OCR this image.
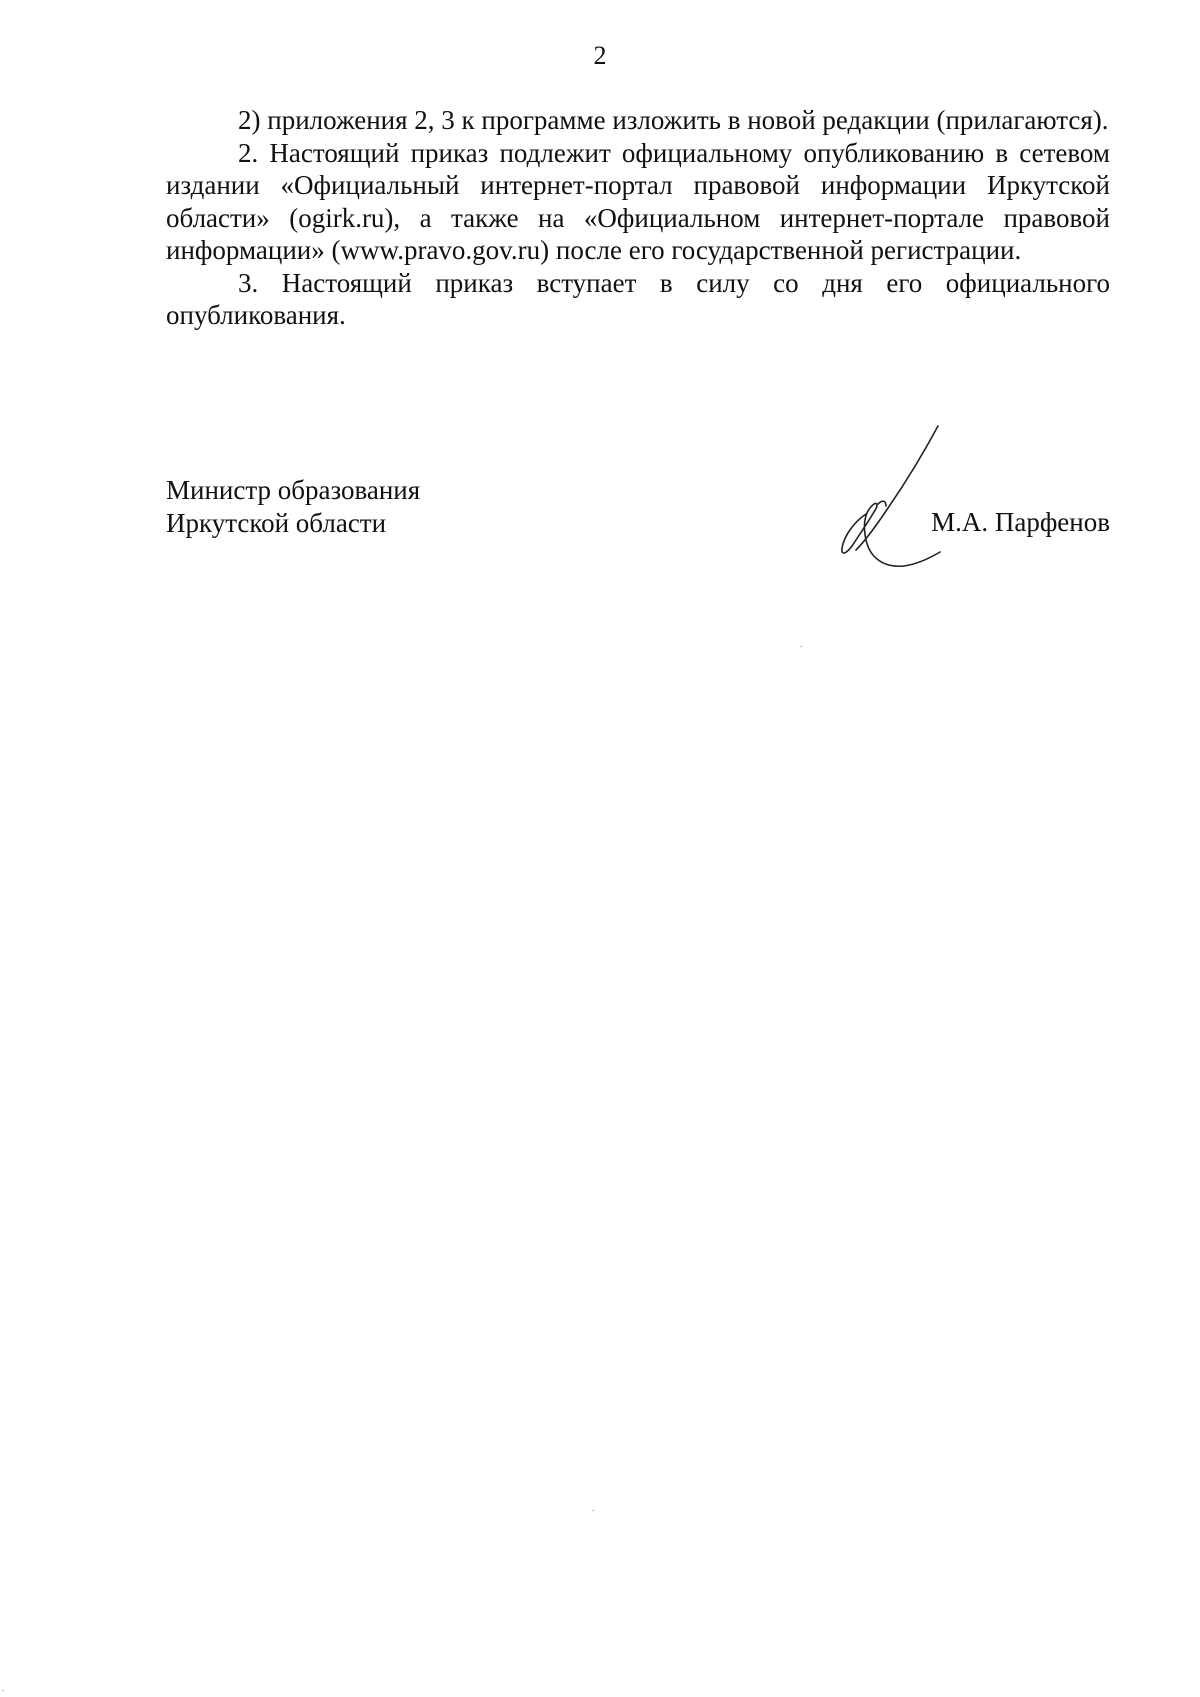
2

2) приложения 2, 3 к программе изложить в новой редакции (прилагаются).

2. Настоящий приказ подлежит официальному опубликованию в сетевом издании «Официальный интернет-портал правовой информации Иркутской области» (ogirk.ru), а также на «Официальном интернет-портале правовой информации» (www.pravo.gov.ru) после его государственной регистрации.

3. Настоящий приказ вступает в силу со дня его официального опубликования.

Министр образования
Иркутской области	М.А. Парфенов
